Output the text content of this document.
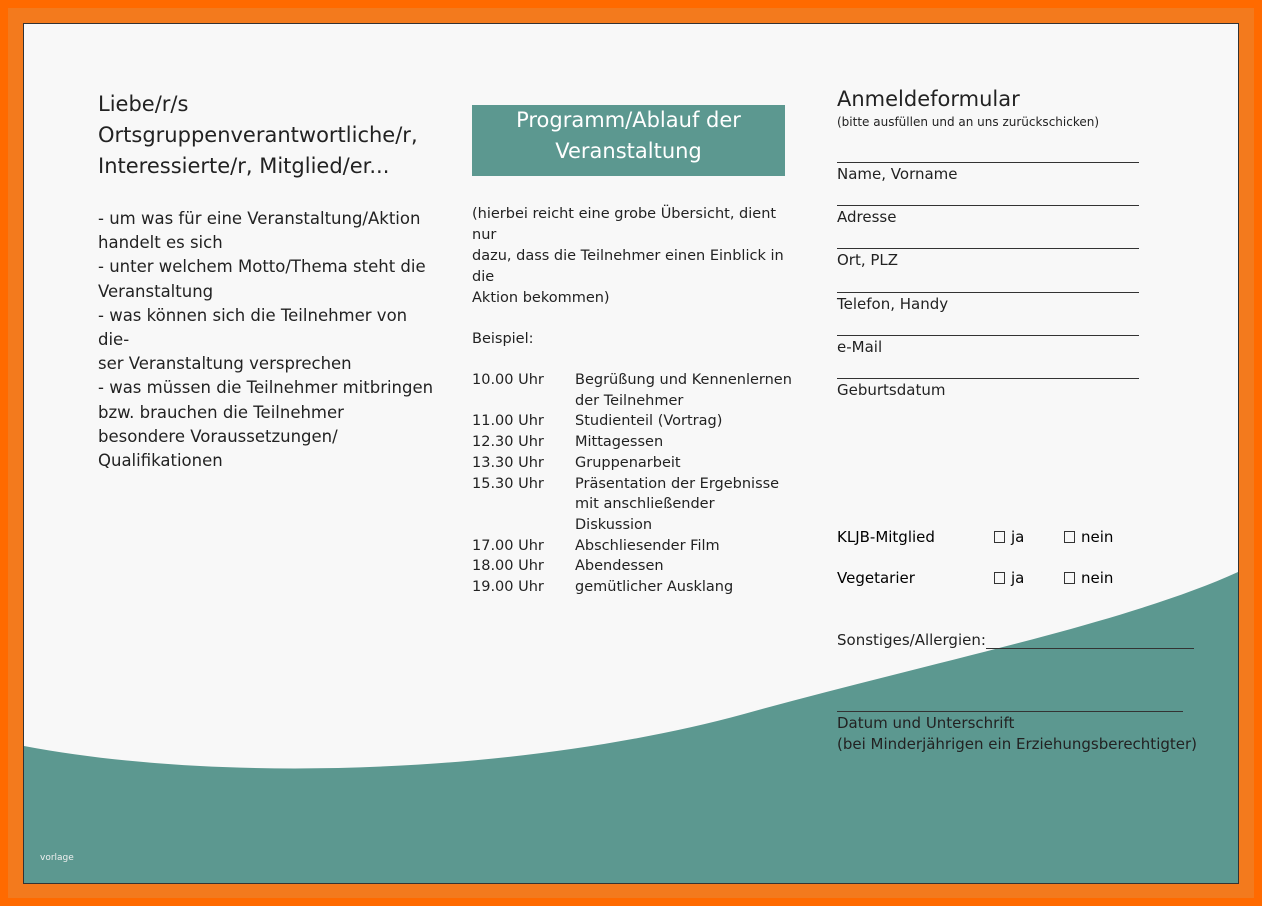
Liebe/r/s
Ortsgruppenverantwortliche/r,
Interessierte/r, Mitglied/er...
- um was für eine Veranstaltung/Aktion
handelt es sich
- unter welchem Motto/Thema steht die
Veranstaltung
- was können sich die Teilnehmer von die-
ser Veranstaltung versprechen
- was müssen die Teilnehmer mitbringen
bzw. brauchen die Teilnehmer
besondere Voraussetzungen/
Qualifikationen
Programm/Ablauf der
Veranstaltung
(hierbei reicht eine grobe Übersicht, dient nur
dazu, dass die Teilnehmer einen Einblick in die
Aktion bekommen)
Beispiel:
10.00 Uhr	Begrüßung und Kennenlernen
der Teilnehmer
11.00 Uhr	Studienteil (Vortrag)
12.30 Uhr	Mittagessen
13.30 Uhr	Gruppenarbeit
15.30 Uhr	Präsentation der Ergebnisse
mit anschließender Diskussion
17.00 Uhr	Abschliesender Film
18.00 Uhr	Abendessen
19.00 Uhr	gemütlicher Ausklang
Anmeldeformular
(bitte ausfüllen und an uns zurückschicken)
Name, Vorname
Adresse
Ort, PLZ
Telefon, Handy
e-Mail
Geburtsdatum
KLJB-Mitglied	ja	nein
Vegetarier	ja	nein
Sonstiges/Allergien:
Datum und Unterschrift
(bei Minderjährigen ein Erziehungsberechtigter)
vorlage
